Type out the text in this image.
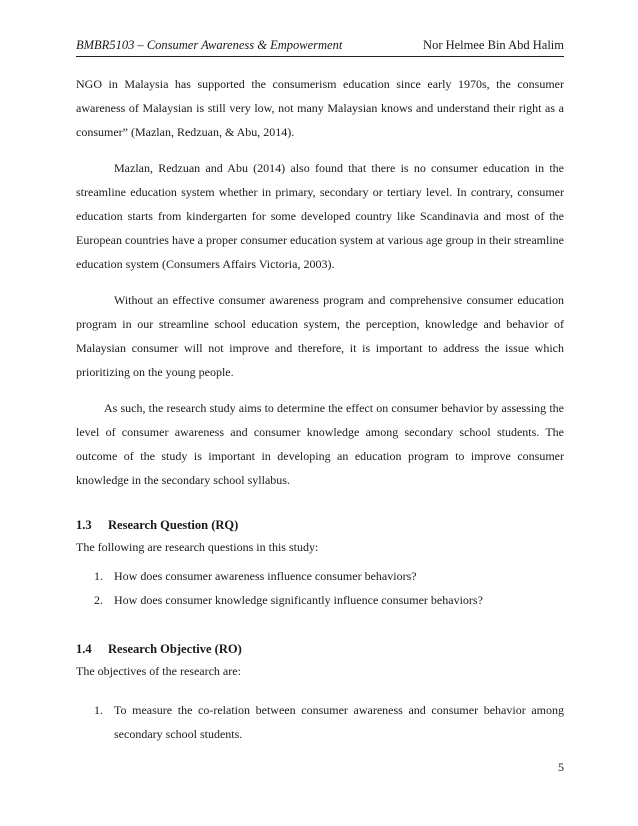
BMBR5103 – Consumer Awareness & Empowerment	Nor Helmee Bin Abd Halim

NGO in Malaysia has supported the consumerism education since early 1970s, the consumer awareness of Malaysian is still very low, not many Malaysian knows and understand their right as a consumer” (Mazlan, Redzuan, & Abu, 2014).

Mazlan, Redzuan and Abu (2014) also found that there is no consumer education in the streamline education system whether in primary, secondary or tertiary level. In contrary, consumer education starts from kindergarten for some developed country like Scandinavia and most of the European countries have a proper consumer education system at various age group in their streamline education system (Consumers Affairs Victoria, 2003).

Without an effective consumer awareness program and comprehensive consumer education program in our streamline school education system, the perception, knowledge and behavior of Malaysian consumer will not improve and therefore, it is important to address the issue which prioritizing on the young people.

As such, the research study aims to determine the effect on consumer behavior by assessing the level of consumer awareness and consumer knowledge among secondary school students. The outcome of the study is important in developing an education program to improve consumer knowledge in the secondary school syllabus.

1.3 Research Question (RQ)

The following are research questions in this study:

1. How does consumer awareness influence consumer behaviors?
2. How does consumer knowledge significantly influence consumer behaviors?
1.4 Research Objective (RO)

The objectives of the research are:

1. To measure the co-relation between consumer awareness and consumer behavior among secondary school students.

5
